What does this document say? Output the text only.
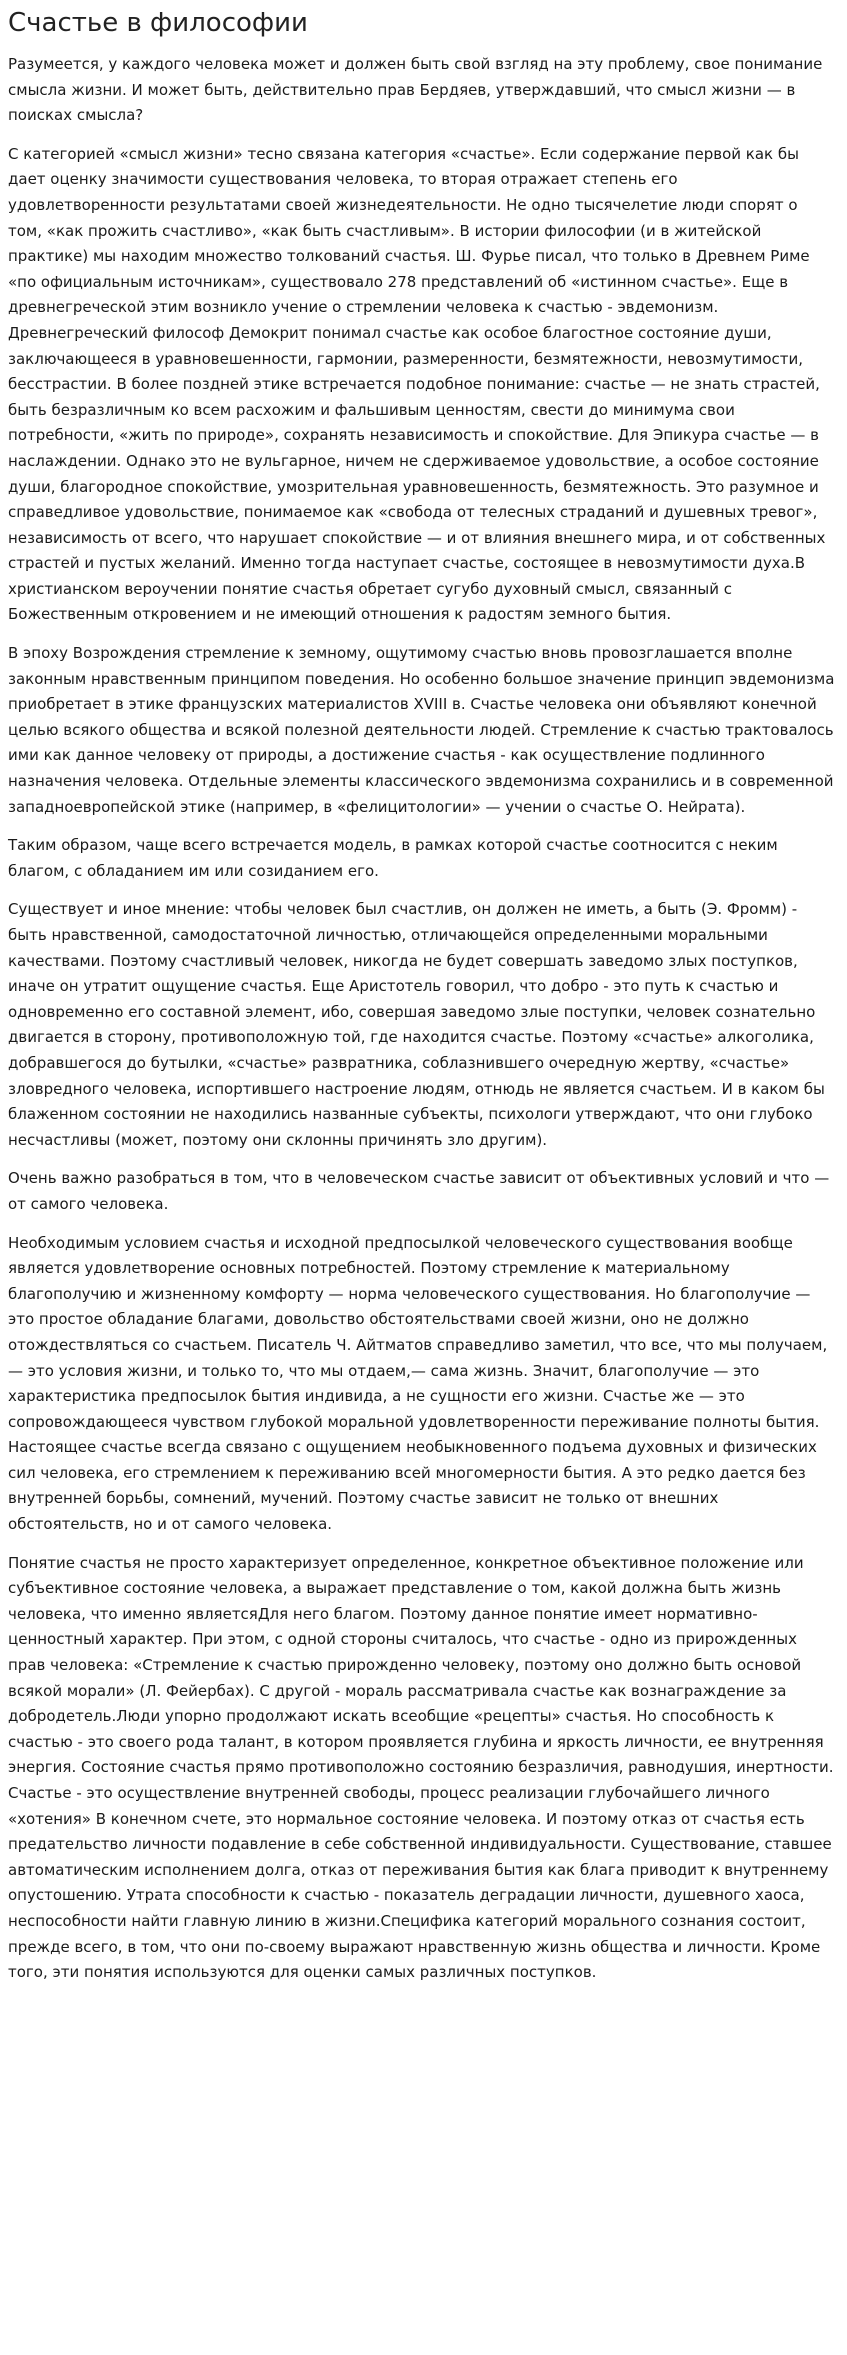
Счастье в философии

Разумеется, у каждого человека может и должен быть свой взгляд на эту проблему, свое понимание смысла жизни. И может быть, действительно прав Бердяев, утверждавший, что смысл жизни — в поисках смысла?

С категорией «смысл жизни» тесно связана категория «счастье». Если содержание первой как бы дает оценку значимости существования человека, то вторая отражает степень его удовлетворенности результатами своей жизнедеятельности. Не одно тысячелетие люди спорят о том, «как прожить счастливо», «как быть счастливым». В истории философии (и в житейской практике) мы находим множество толкований счастья. Ш. Фурье писал, что только в Древнем Риме «по официальным источникам», существовало 278 представлений об «истинном счастье». Еще в древнегреческой этим возникло учение о стремлении человека к счастью - эвдемонизм. Древнегреческий философ Демокрит понимал счастье как особое благостное состояние души, заключающееся в уравновешенности, гармонии, размеренности, безмятежности, невозмутимости, бесстрастии. В более поздней этике встречается подобное понимание: счастье — не знать страстей, быть безразличным ко всем расхожим и фальшивым ценностям, свести до минимума свои потребности, «жить по природе», сохранять независимость и спокойствие. Для Эпикура счастье — в наслаждении. Однако это не вульгарное, ничем не сдерживаемое удовольствие, а особое состояние души, благородное спокойствие, умозрительная уравновешенность, безмятежность. Это разумное и справедливое удовольствие, понимаемое как «свобода от телесных страданий и душевных тревог», независимость от всего, что нарушает спокойствие — и от влияния внешнего мира, и от собственных страстей и пустых желаний. Именно тогда наступает счастье, состоящее в невозмутимости духа.В христианском вероучении понятие счастья обретает сугубо духовный смысл, связанный с Божественным откровением и не имеющий отношения к радостям земного бытия.

В эпоху Возрождения стремление к земному, ощутимому счастью вновь провозглашается вполне законным нравственным принципом поведения. Но особенно большое значение принцип эвдемонизма приобретает в этике французских материалистов XVIII в. Счастье человека они объявляют конечной целью всякого общества и всякой полезной деятельности людей. Стремление к счастью трактовалось ими как данное человеку от природы, а достижение счастья - как осуществление подлинного назначения человека. Отдельные элементы классического эвдемонизма сохранились и в современной западноевропейской этике (например, в «фелицитологии» — учении о счастье О. Нейрата).

Таким образом, чаще всего встречается модель, в рамках которой счастье соотносится с неким благом, с обладанием им или созиданием его.

Существует и иное мнение: чтобы человек был счастлив, он должен не иметь, а быть (Э. Фромм) - быть нравственной, самодостаточной личностью, отличающейся определенными моральными качествами. Поэтому счастливый человек, никогда не будет совершать заведомо злых поступков, иначе он утратит ощущение счастья. Еще Аристотель говорил, что добро - это путь к счастью и одновременно его составной элемент, ибо, совершая заведомо злые поступки, человек сознательно двигается в сторону, противоположную той, где находится счастье. Поэтому «счастье» алкоголика, добравшегося до бутылки, «счастье» развратника, соблазнившего очередную жертву, «счастье» зловредного человека, испортившего настроение людям, отнюдь не является счастьем. И в каком бы блаженном состоянии не находились названные субъекты, психологи утверждают, что они глубоко несчастливы (может, поэтому они склонны причинять зло другим).

Очень важно разобраться в том, что в человеческом счастье зависит от объективных условий и что — от самого человека.

Необходимым условием счастья и исходной предпосылкой человеческого существования вообще является удовлетворение основных потребностей. Поэтому стремление к материальному благополучию и жизненному комфорту — норма человеческого существования. Но благополучие — это простое обладание благами, довольство обстоятельствами своей жизни, оно не должно отождествляться со счастьем. Писатель Ч. Айтматов справедливо заметил, что все, что мы получаем,— это условия жизни, и только то, что мы отдаем,— сама жизнь. Значит, благополучие — это характеристика предпосылок бытия индивида, а не сущности его жизни. Счастье же — это сопровождающееся чувством глубокой моральной удовлетворенности переживание полноты бытия. Настоящее счастье всегда связано с ощущением необыкновенного подъема духовных и физических сил человека, его стремлением к переживанию всей многомерности бытия. А это редко дается без внутренней борьбы, сомнений, мучений. Поэтому счастье зависит не только от внешних обстоятельств, но и от самого человека.

Понятие счастья не просто характеризует определенное, конкретное объективное положение или субъективное состояние человека, а выражает представление о том, какой должна быть жизнь человека, что именно являетсяДля него благом. Поэтому данное понятие имеет нормативно-ценностный характер. При этом, с одной стороны считалось, что счастье - одно из прирожденных прав человека: «Стремление к счастью прирожденно человеку, поэтому оно должно быть основой всякой морали» (Л. Фейербах). С другой - мораль рассматривала счастье как вознаграждение за добродетель.Люди упорно продолжают искать всеобщие «рецепты» счастья. Но способность к счастью - это своего рода талант, в котором проявляется глубина и яркость личности, ее внутренняя энергия. Состояние счастья прямо противоположно состоянию безразличия, равнодушия, инертности. Счастье - это осуществление внутренней свободы, процесс реализации глубочайшего личного «хотения» В конечном счете, это нормальное состояние человека. И поэтому отказ от счастья есть предательство личности подавление в себе собственной индивидуальности. Существование, ставшее автоматическим исполнением долга, отказ от переживания бытия как блага приводит к внутреннему опустошению. Утрата способности к счастью - показатель деградации личности, душевного хаоса, неспособности найти главную линию в жизни.Специфика категорий морального сознания состоит, прежде всего, в том, что они по-своему выражают нравственную жизнь общества и личности. Кроме того, эти понятия используются для оценки самых различных поступков.
